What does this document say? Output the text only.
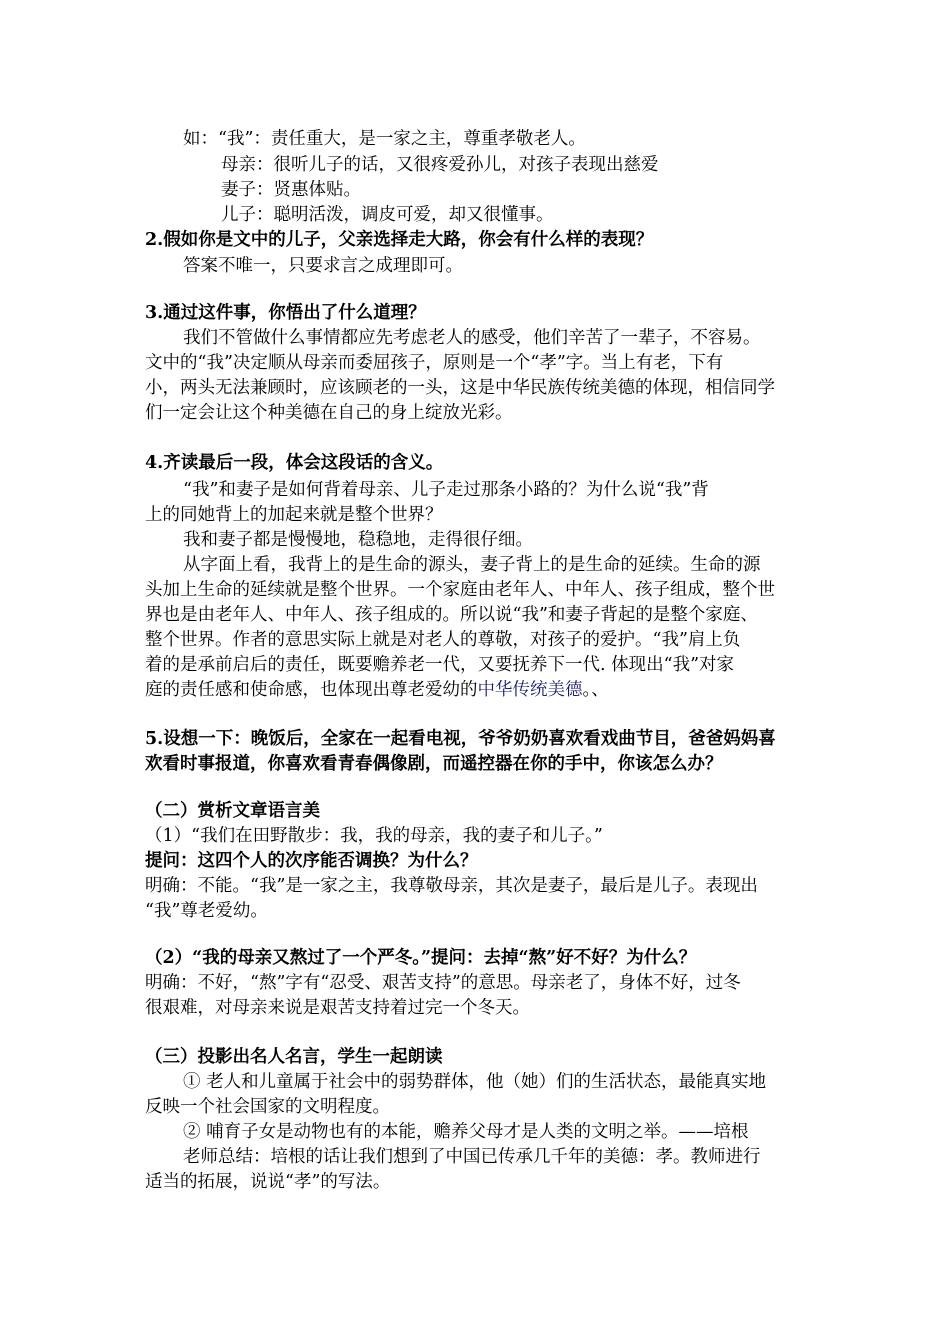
如：“我”：责任重大，是一家之主，尊重孝敬老人。
母亲：很听儿子的话，又很疼爱孙儿，对孩子表现出慈爱
妻子：贤惠体贴。
儿子：聪明活泼，调皮可爱，却又很懂事。
2.假如你是文中的儿子，父亲选择走大路，你会有什么样的表现？
答案不唯一，只要求言之成理即可。
3.通过这件事，你悟出了什么道理？
我们不管做什么事情都应先考虑老人的感受，他们辛苦了一辈子，不容易。
文中的“我”决定顺从母亲而委屈孩子，原则是一个“孝”字。当上有老，下有
小，两头无法兼顾时，应该顾老的一头，这是中华民族传统美德的体现，相信同学
们一定会让这个种美德在自己的身上绽放光彩。
4.齐读最后一段，体会这段话的含义。
“我”和妻子是如何背着母亲、儿子走过那条小路的？为什么说“我”背
上的同她背上的加起来就是整个世界？
我和妻子都是慢慢地，稳稳地，走得很仔细。
从字面上看，我背上的是生命的源头，妻子背上的是生命的延续。生命的源
头加上生命的延续就是整个世界。一个家庭由老年人、中年人、孩子组成，整个世
界也是由老年人、中年人、孩子组成的。所以说“我”和妻子背起的是整个家庭、
整个世界。作者的意思实际上就是对老人的尊敬，对孩子的爱护。“我”肩上负
着的是承前启后的责任，既要赡养老一代，又要抚养下一代. 体现出“我”对家
庭的责任感和使命感，也体现出尊老爱幼的中华传统美德。、
5.设想一下：晚饭后，全家在一起看电视，爷爷奶奶喜欢看戏曲节目，爸爸妈妈喜
欢看时事报道，你喜欢看青春偶像剧，而遥控器在你的手中，你该怎么办？
（二）赏析文章语言美
（1）“我们在田野散步：我，我的母亲，我的妻子和儿子。”
提问：这四个人的次序能否调换？为什么？
明确：不能。“我”是一家之主，我尊敬母亲，其次是妻子，最后是儿子。表现出
“我”尊老爱幼。
（2）“我的母亲又熬过了一个严冬。”提问：去掉“熬”好不好？为什么？
明确：不好，“熬”字有“忍受、艰苦支持”的意思。母亲老了，身体不好，过冬
很艰难，对母亲来说是艰苦支持着过完一个冬天。
（三）投影出名人名言，学生一起朗读
① 老人和儿童属于社会中的弱势群体，他（她）们的生活状态，最能真实地
反映一个社会国家的文明程度。
② 哺育子女是动物也有的本能，赡养父母才是人类的文明之举。——培根
老师总结：培根的话让我们想到了中国已传承几千年的美德：孝。教师进行
适当的拓展，说说“孝”的写法。
